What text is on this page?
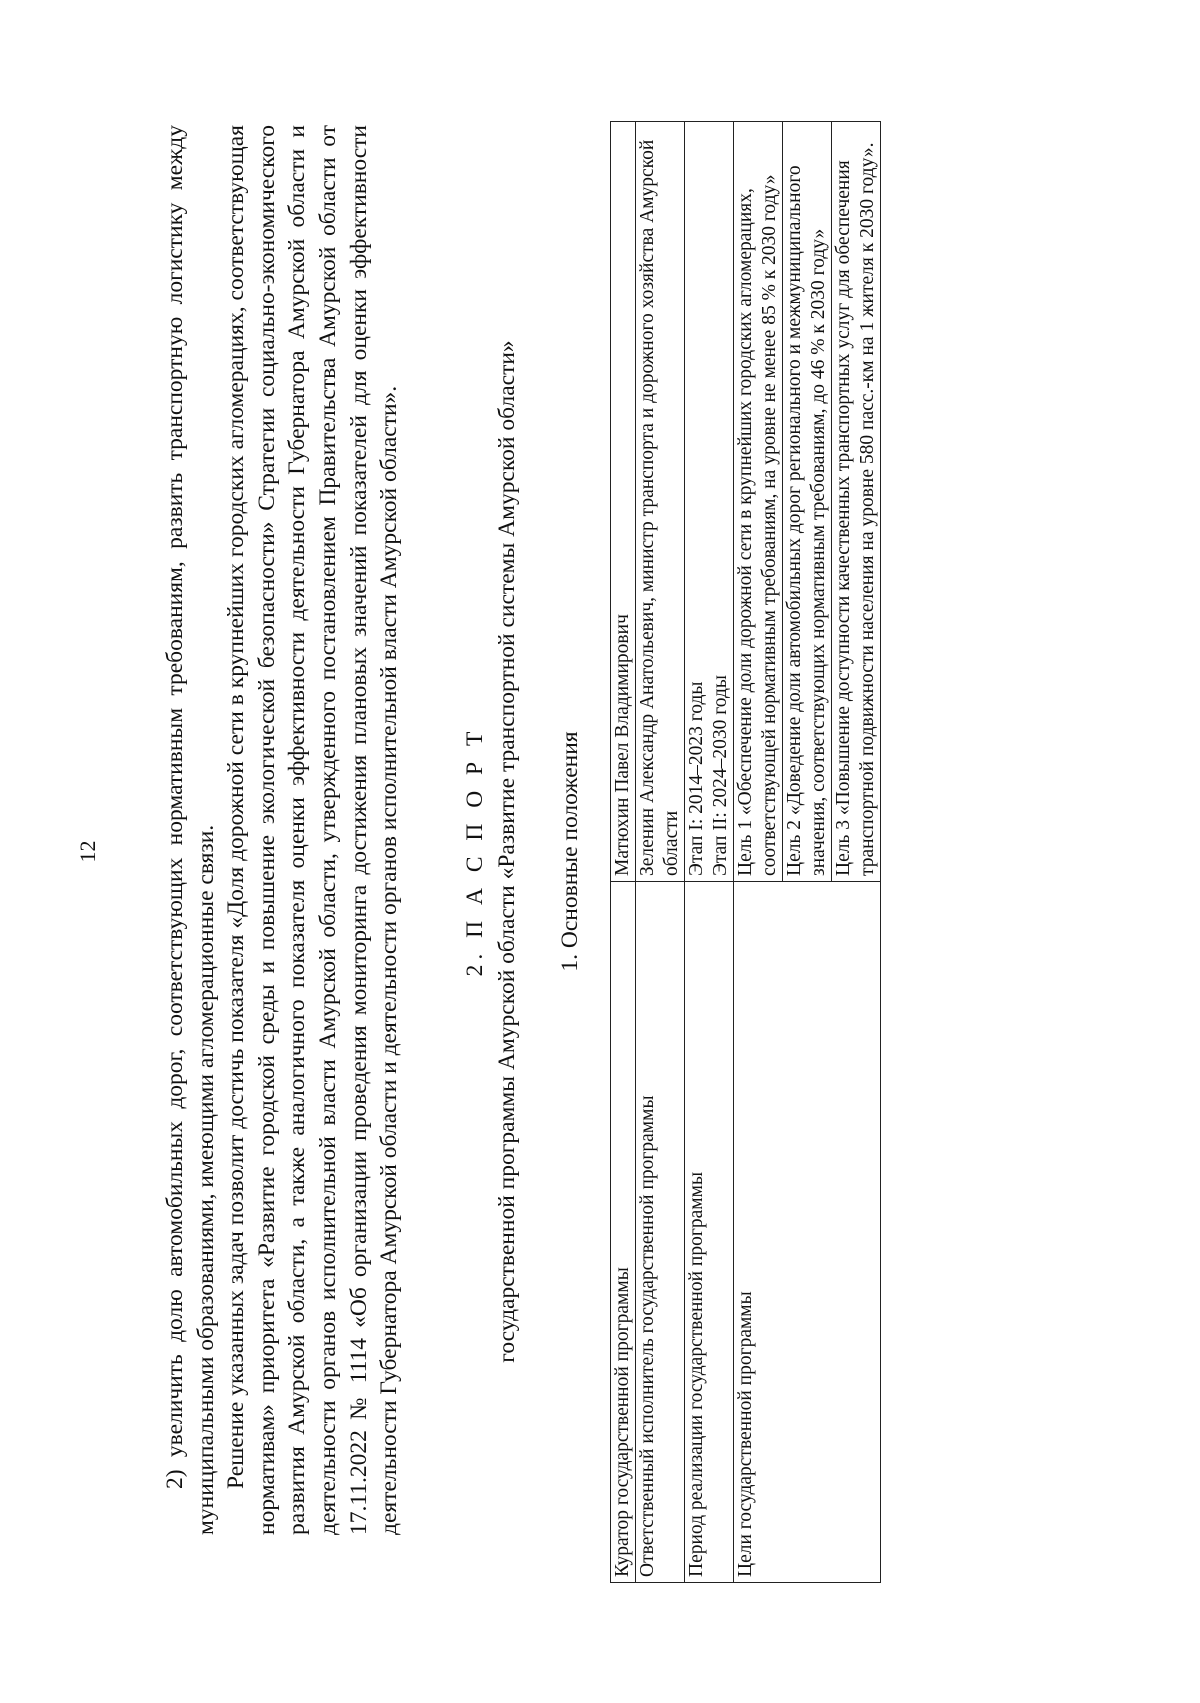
12	2) увеличить долю автомобильных дорог, соответствующих нормативным требованиям, развить транспортную логистику между муниципальными образованиями, имеющими агломерационные связи. Решение указанных задач позволит достичь показателя «Доля дорожной сети в крупнейших городских агломерациях, соответствующая нормативам» приоритета «Развитие городской среды и повышение экологической безопасности» Стратегии социально-экономического развития Амурской области, а также аналогичного показателя оценки эффективности деятельности Губернатора Амурской области и деятельности органов исполнительной власти Амурской области, утвержденного постановлением Правительства Амурской области от 17.11.2022 № 1114 «Об организации проведения мониторинга достижения плановых значений показателей для оценки эффективности деятельности Губернатора Амурской области и деятельности органов исполнительной власти Амурской области».	2. П А С П О Р Т государственной программы Амурской области «Развитие транспортной системы Амурской области» 1. Основные положения
Куратор государственной программы	Матюхин Павел Владимирович
Ответственный исполнитель государственной программы	Зеленин Александр Анатольевич, министр транспорта и дорожного хозяйства Амурской области
Период реализации государственной программы	Этап I: 2014–2023 годы Этап II: 2024–2030 годы

Цели государственной программы	Цель 1 «Обеспечение доли дорожной сети в крупнейших городских агломерациях, соответствующей нормативным требованиям, на уровне не менее 85 % к 2030 году»
	Цель 2 «Доведение доли автомобильных дорог регионального и межмуниципального значения, соответствующих нормативным требованиям, до 46 % к 2030 году»
	Цель 3 «Повышение доступности качественных транспортных услуг для обеспечения транспортной подвижности населения на уровне 580 пасс.-км на 1 жителя к 2030 году».
